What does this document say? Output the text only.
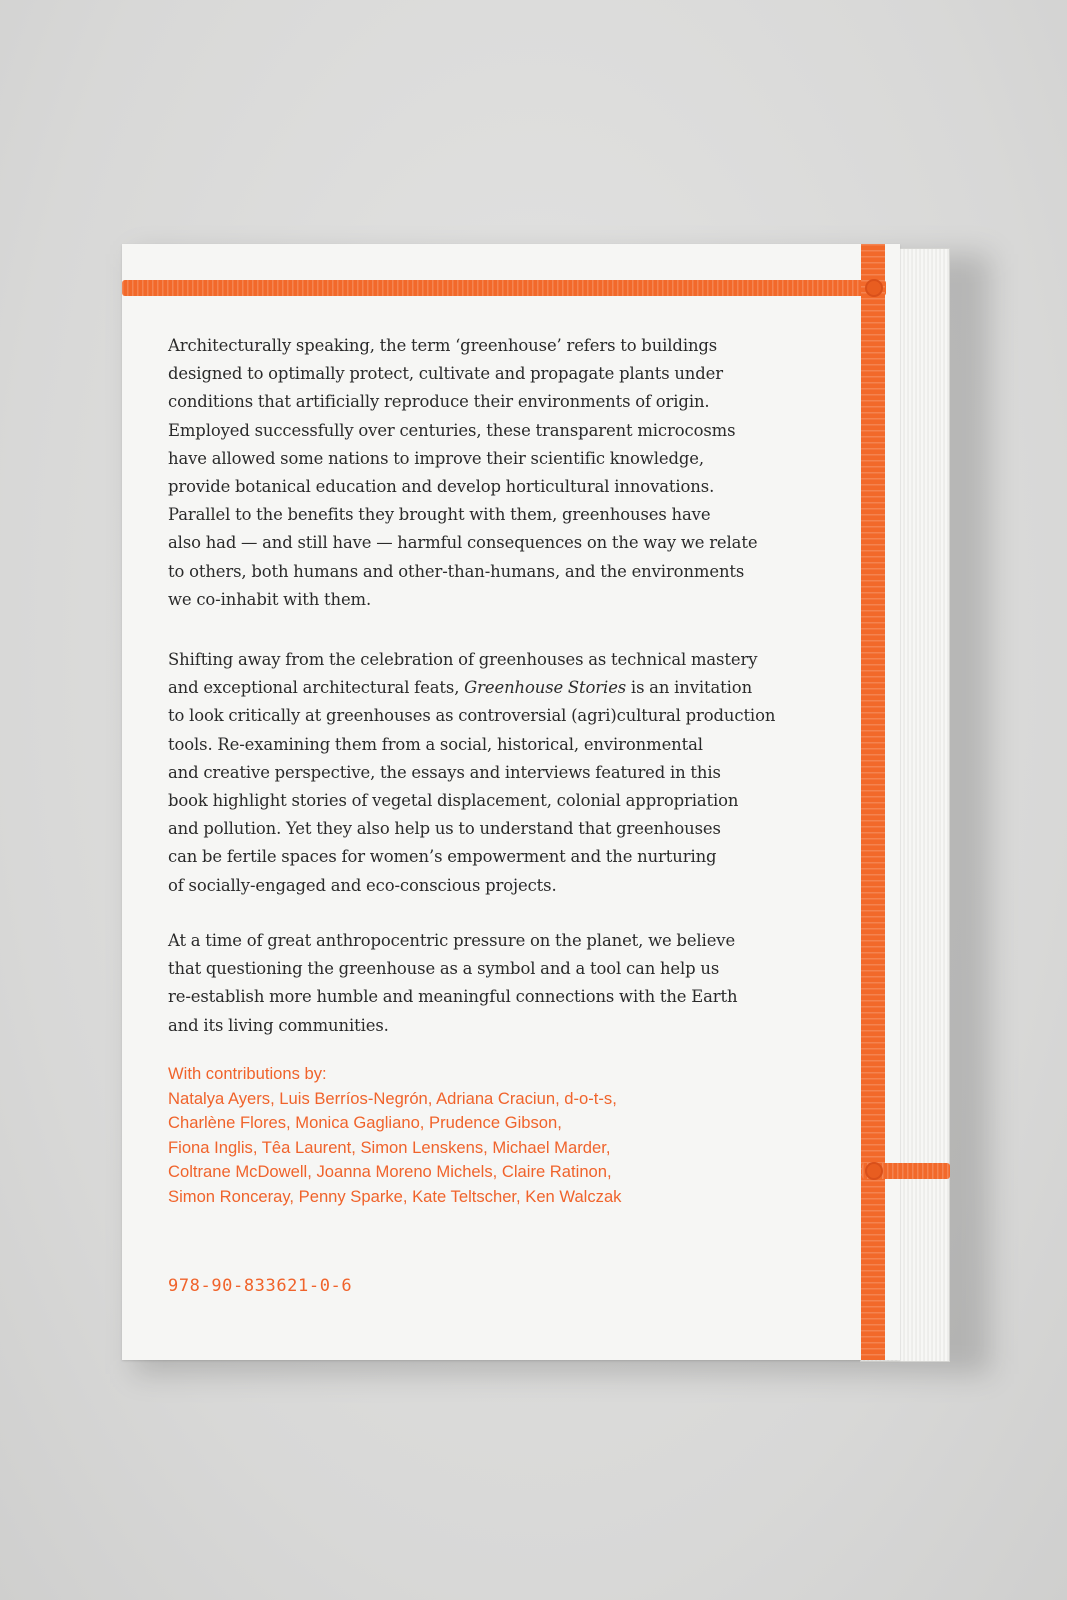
Architecturally speaking, the term ‘greenhouse’ refers to buildings
designed to optimally protect, cultivate and propagate plants under
conditions that artificially reproduce their environments of origin.
Employed successfully over centuries, these transparent microcosms
have allowed some nations to improve their scientific knowledge,
provide botanical education and develop horticultural innovations.
Parallel to the benefits they brought with them, greenhouses have
also had — and still have — harmful consequences on the way we relate
to others, both humans and other-than-humans, and the environments
we co-inhabit with them.
Shifting away from the celebration of greenhouses as technical mastery
and exceptional architectural feats, Greenhouse Stories is an invitation
to look critically at greenhouses as controversial (agri)cultural production
tools. Re-examining them from a social, historical, environmental
and creative perspective, the essays and interviews featured in this
book highlight stories of vegetal displacement, colonial appropriation
and pollution. Yet they also help us to understand that greenhouses
can be fertile spaces for women’s empowerment and the nurturing
of socially-engaged and eco-conscious projects.
At a time of great anthropocentric pressure on the planet, we believe
that questioning the greenhouse as a symbol and a tool can help us
re-establish more humble and meaningful connections with the Earth
and its living communities.
With contributions by:
Natalya Ayers, Luis Berríos-Negrón, Adriana Craciun, d-o-t-s,
Charlène Flores, Monica Gagliano, Prudence Gibson,
Fiona Inglis, Têa Laurent, Simon Lenskens, Michael Marder,
Coltrane McDowell, Joanna Moreno Michels, Claire Ratinon,
Simon Ronceray, Penny Sparke, Kate Teltscher, Ken Walczak
978-90-833621-0-6
